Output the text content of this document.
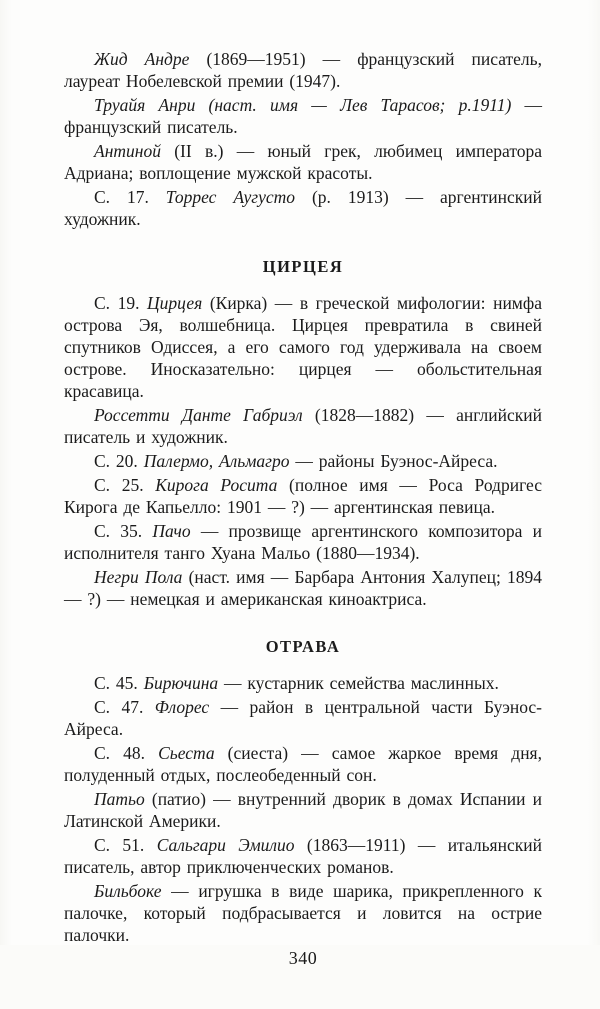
Жид Андре (1869—1951) — французский писатель, лауреат Нобелевской премии (1947).

Труайя Анри (наст. имя — Лев Тарасов; р.1911) — французский писатель.

Антиной (II в.) — юный грек, любимец императора Адриана; воплощение мужской красоты.

С. 17. Торрес Аугусто (р. 1913) — аргентинский художник.

ЦИРЦЕЯ

С. 19. Цирцея (Кирка) — в греческой мифологии: нимфа острова Эя, волшебница. Цирцея превратила в свиней спутников Одиссея, а его самого год удерживала на своем острове. Иносказательно: цирцея — обольстительная красавица.

Россетти Данте Габриэл (1828—1882) — английский писатель и художник.

С. 20. Палермо, Альмагро — районы Буэнос-Айреса.

С. 25. Кирога Росита (полное имя — Роса Родригес Кирога де Капьелло: 1901 — ?) — аргентинская певица.

С. 35. Пачо — прозвище аргентинского композитора и исполнителя танго Хуана Мальо (1880—1934).

Негри Пола (наст. имя — Барбара Антония Халупец; 1894 — ?) — немецкая и американская киноактриса.

ОТРАВА

С. 45. Бирючина — кустарник семейства маслинных.

С. 47. Флорес — район в центральной части Буэнос-Айреса.

С. 48. Сьеста (сиеста) — самое жаркое время дня, полуденный отдых, послеобеденный сон.

Патьо (патио) — внутренний дворик в домах Испании и Латинской Америки.

С. 51. Сальгари Эмилио (1863—1911) — итальянский писатель, автор приключенческих романов.

Бильбоке — игрушка в виде шарика, прикрепленного к палочке, который подбрасывается и ловится на острие палочки.

340
